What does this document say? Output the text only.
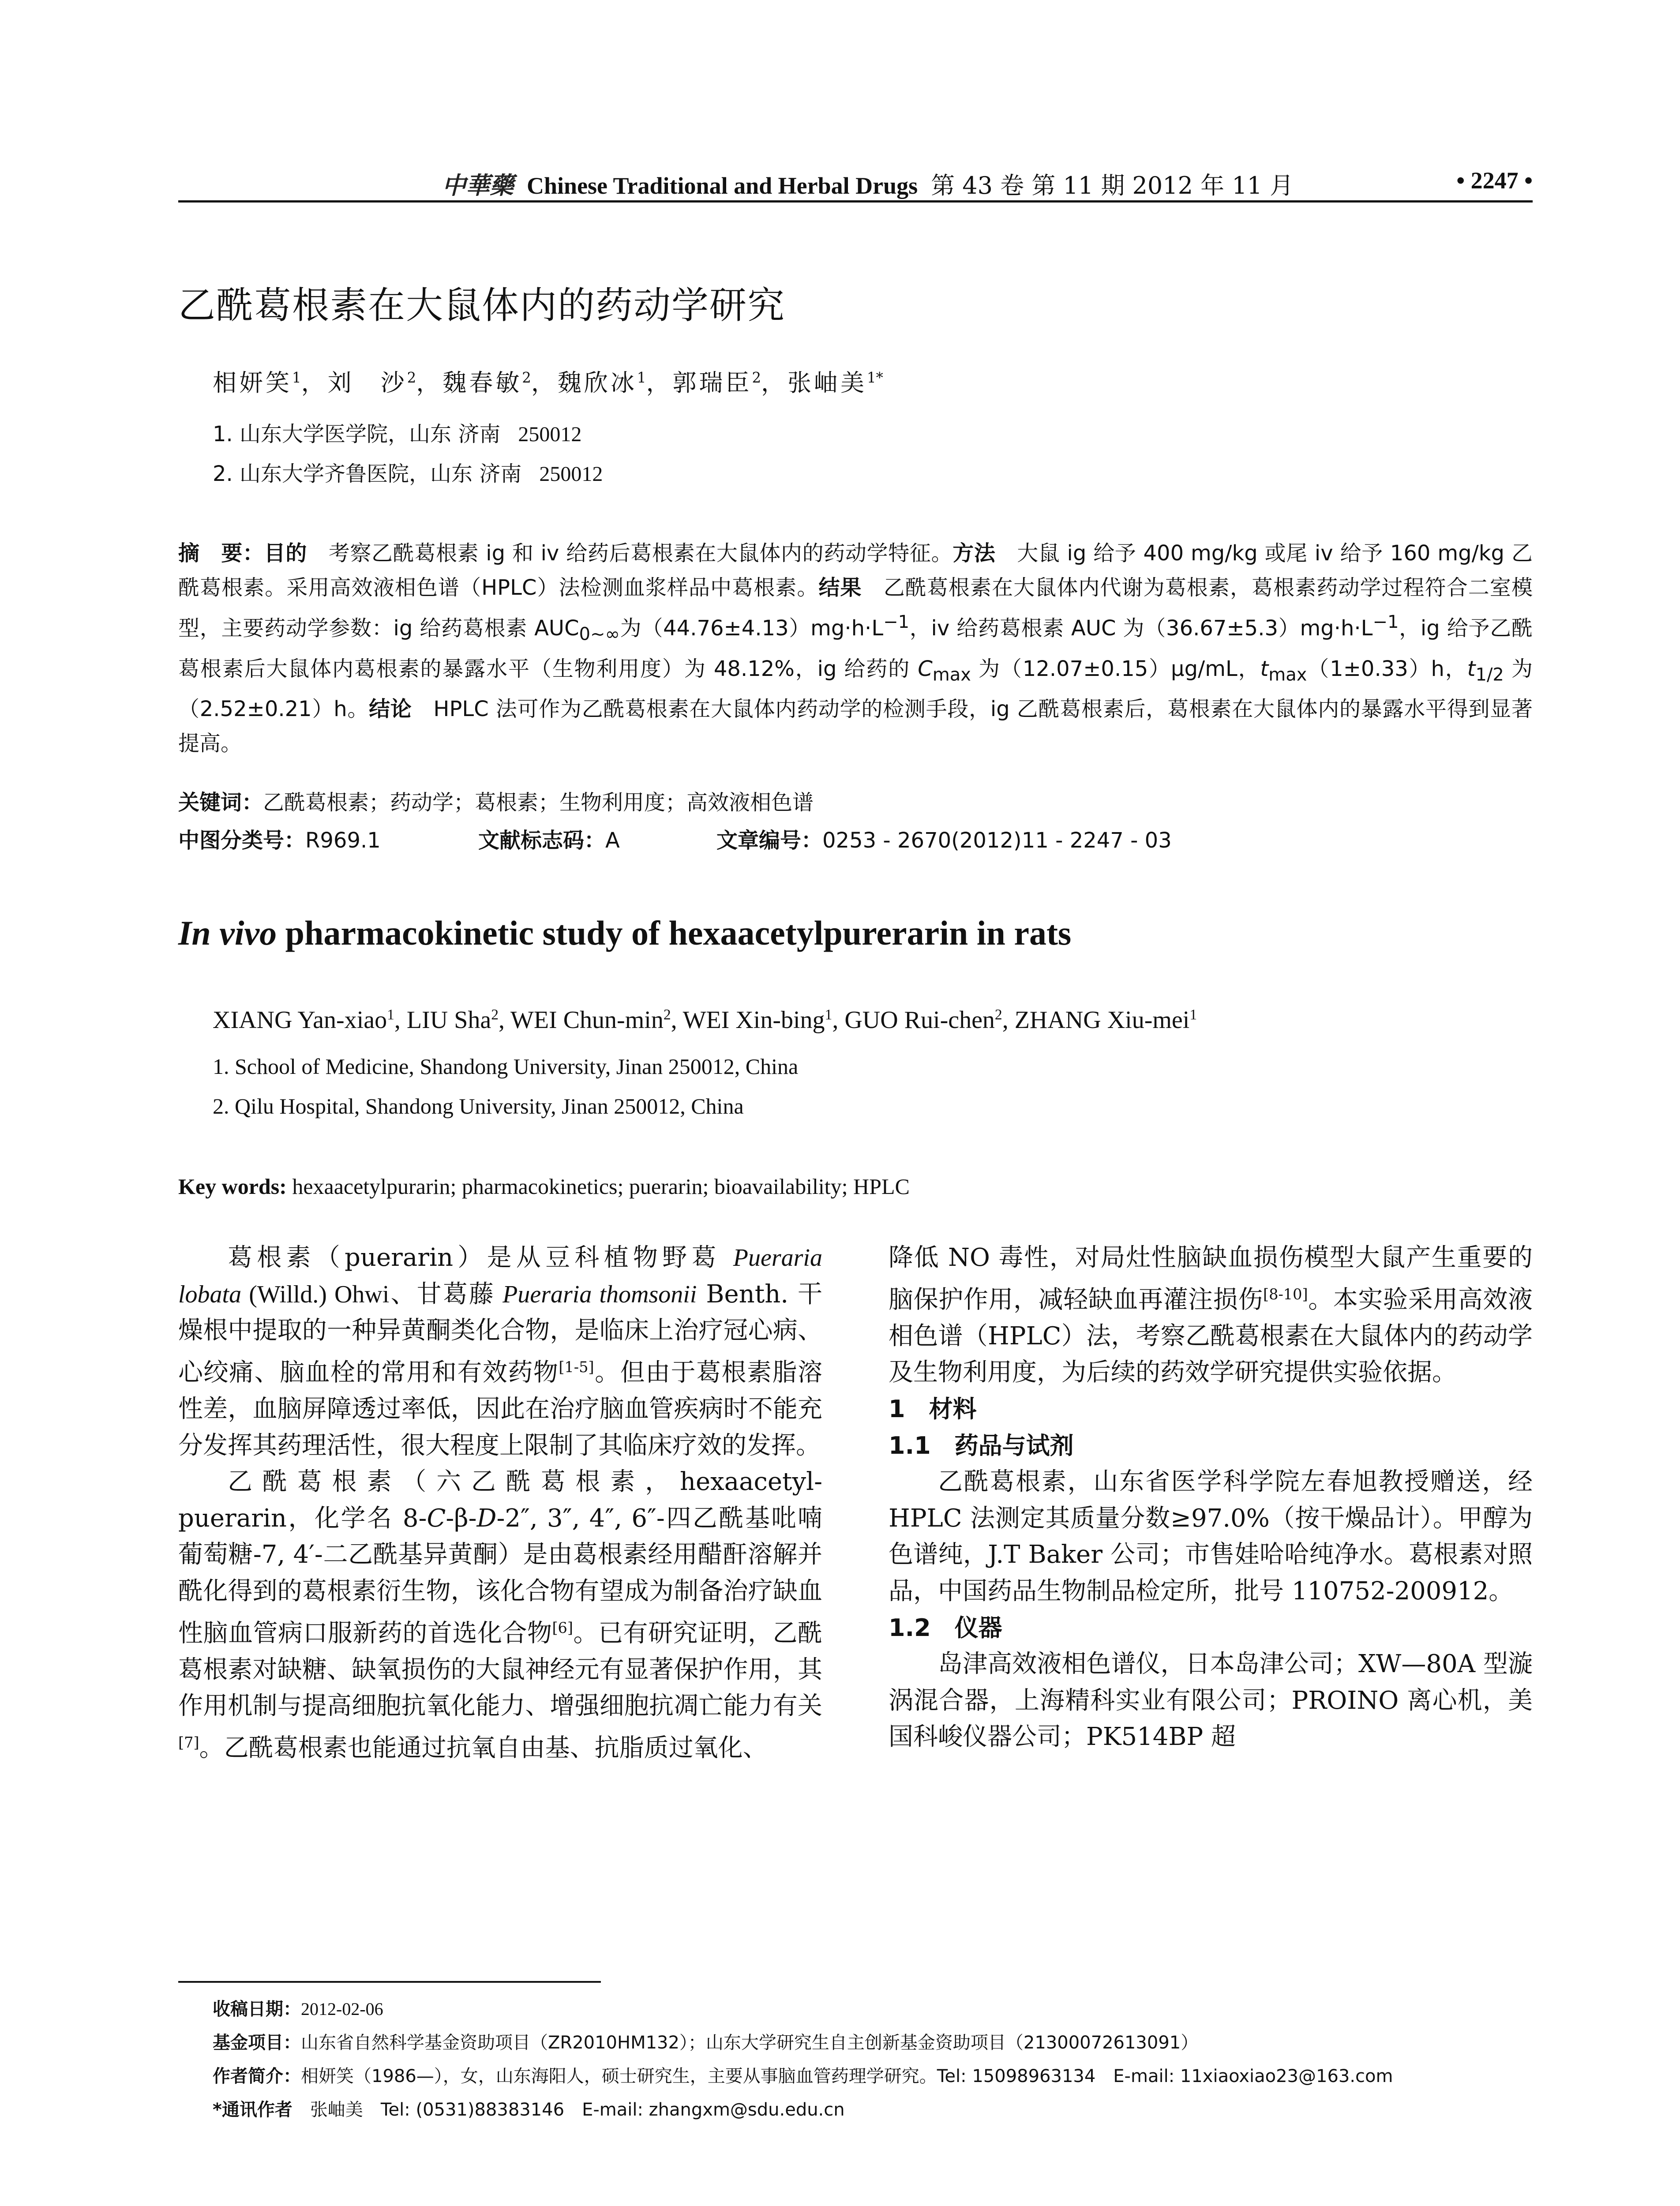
中華藥 Chinese Traditional and Herbal Drugs 第 43 卷 第 11 期 2012 年 11 月	• 2247 •
乙酰葛根素在大鼠体内的药动学研究
相妍笑$^1$，刘　沙$^2$，魏春敏$^2$，魏欣冰$^1$，郭瑞臣$^2$，张岫美$^{1*}$
1. 山东大学医学院，山东 济南 250012
2. 山东大学齐鲁医院，山东 济南 250012
摘　要：目的　 考察乙酰葛根素 ig 和 iv 给药后葛根素在大鼠体内的药动学特征。方法　 大鼠 ig 给予 400 mg/kg 或尾 iv 给予 160 mg/kg 乙酰葛根素。采用高效液相色谱（HPLC）法检测血浆样品中葛根素。结果　 乙酰葛根素在大鼠体内代谢为葛根素，葛根素药动学过程符合二室模型，主要药动学参数：ig 给药葛根素 $AUC_{0\sim\infty}$为$(44.76\pm 4.13)mg\cdot h\cdot L^{-1}$，iv 给药葛根素 AUC 为$(36.67\pm 5.3)mg\cdot h\cdot L^{-1}$，ig 给予乙酰葛根素后大鼠体内葛根素的暴露水平（生物利用度）为 48.12%，ig 给药的 $C_{max}$ 为（12.07±0.15）μg/mL，$t_{max}(1\pm 0.33)h$，$t_{1/2}$ 为（2.52±0.21）h。结论　 HPLC 法可作为乙酰葛根素在大鼠体内药动学的检测手段，ig 乙酰葛根素后，葛根素在大鼠体内的暴露水平得到显著提高。
关键词：乙酰葛根素；药动学；葛根素；生物利用度；高效液相色谱
中图分类号：R969.1	文献标志码：A	文章编号：0253 - 2670(2012)11 - 2247 - 03
In vivo pharmacokinetic study of hexaacetylpurerarin in rats
XIANG Yan-xiao$^1$, LIU Sha$^2$, WEI Chun-$\min^2$, WEI Xin-bing$^1$, GUO Rui-chen$^2$, ZHANG Xiu-mei$^1$
1. School of Medicine, Shandong University, Jinan 250012, China
2. Qilu Hospital, Shandong University, Jinan 250012, China
Key words: hexaacetylpurarin; pharmacokinetics; puerarin; bioavailability; HPLC

葛根素（puerarin）是从豆科植物野葛 Pueraria lobata (Willd.) Ohwi、甘葛藤 Pueraria thomsonii Benth. 干燥根中提取的一种异黄酮类化合物，是临床上治疗冠心病、心绞痛、脑血栓的常用和有效药物[1-5]。但由于葛根素脂溶性差，血脑屏障透过率低，因此在治疗脑血管疾病时不能充分发挥其药理活性，很大程度上限制了其临床疗效的发挥。

乙酰葛根素（六乙酰葛根素，hexaacetyl-puerarin，化学名 8-C-β-D-2″, 3″, 4″, 6″-四乙酰基吡喃葡萄糖-7, 4′-二乙酰基异黄酮）是由葛根素经用醋酐溶解并酰化得到的葛根素衍生物，该化合物有望成为制备治疗缺血性脑血管病口服新药的首选化合物[6]。已有研究证明，乙酰葛根素对缺糖、缺氧损伤的大鼠神经元有显著保护作用，其作用机制与提高细胞抗氧化能力、增强细胞抗凋亡能力有关[7]。乙酰葛根素也能通过抗氧自由基、抗脂质过氧化、

降低 NO 毒性，对局灶性脑缺血损伤模型大鼠产生重要的脑保护作用，减轻缺血再灌注损伤[8-10]。本实验采用高效液相色谱（HPLC）法，考察乙酰葛根素在大鼠体内的药动学及生物利用度，为后续的药效学研究提供实验依据。

1　材料

1.1　药品与试剂

乙酰葛根素，山东省医学科学院左春旭教授赠送，经 HPLC 法测定其质量分数≥97.0%（按干燥品计）。甲醇为色谱纯，J.T Baker 公司；市售娃哈哈纯净水。葛根素对照品，中国药品生物制品检定所，批号 110752-200912。

1.2　仪器

岛津高效液相色谱仪，日本岛津公司；XW—80A 型漩涡混合器，上海精科实业有限公司；PROINO 离心机，美国科峻仪器公司；PK514BP 超

收稿日期：2012-02-06
基金项目：山东省自然科学基金资助项目（ZR2010HM132）；山东大学研究生自主创新基金资助项目（21300072613091）
作者简介：相妍笑（1986—），女，山东海阳人，硕士研究生，主要从事脑血管药理学研究。Tel: 15098963134　E-mail: 11xiaoxiao23@163.com
*通讯作者　 张岫美　Tel: (0531)88383146　E-mail: zhangxm@sdu.edu.cn
